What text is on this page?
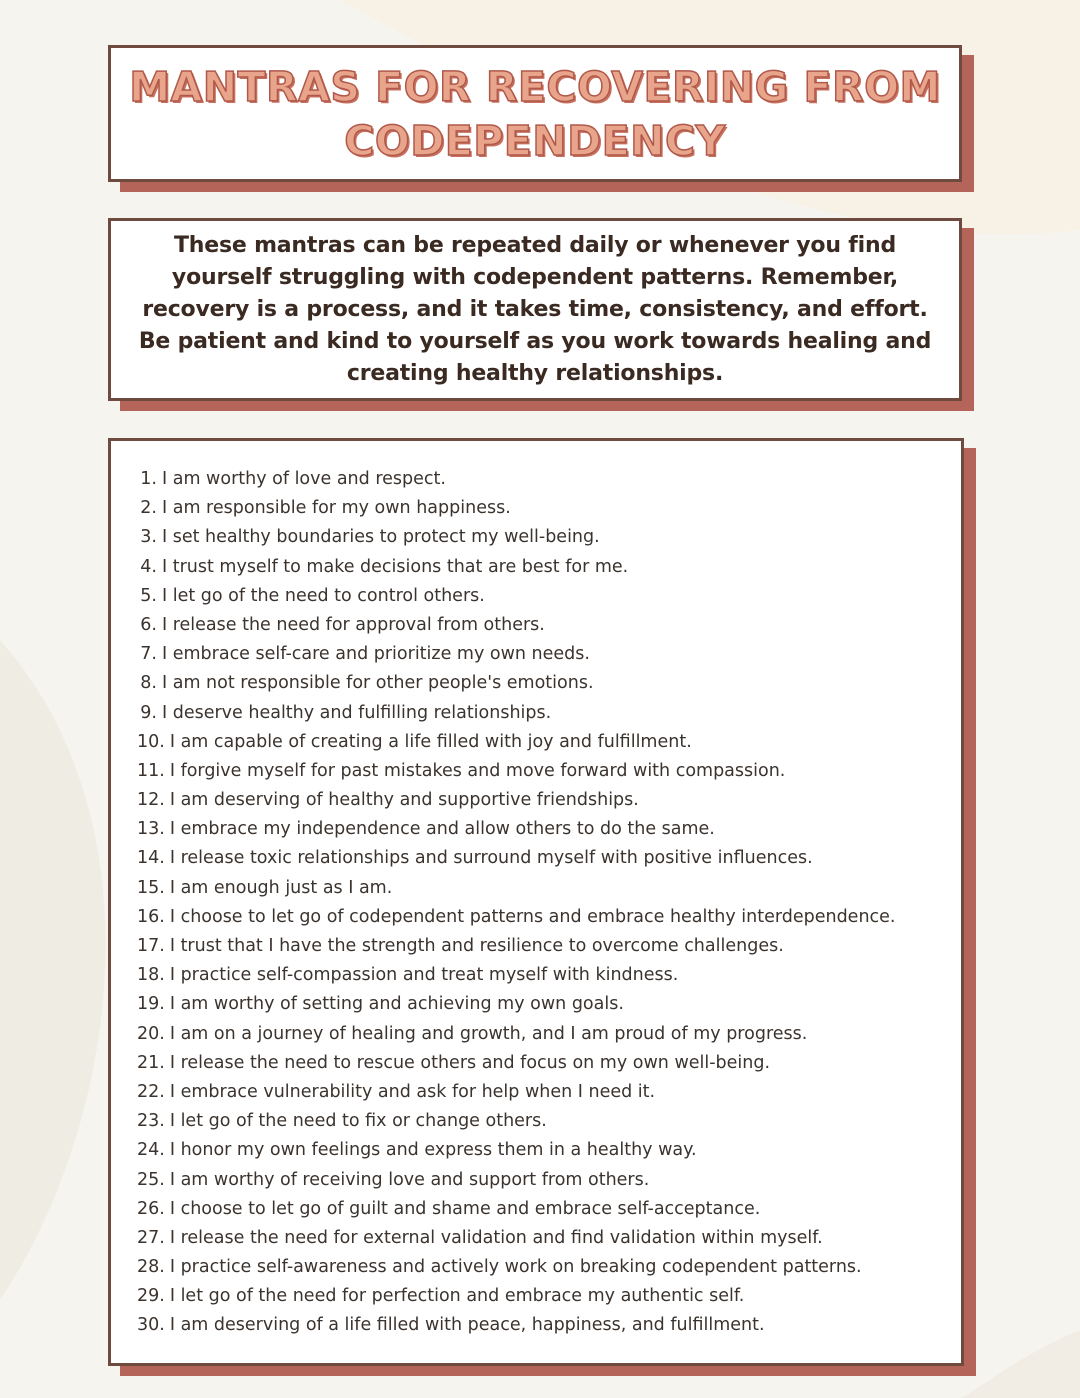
MANTRAS FOR RECOVERING FROM CODEPENDENCY

These mantras can be repeated daily or whenever you find yourself struggling with codependent patterns. Remember, recovery is a process, and it takes time, consistency, and effort. Be patient and kind to yourself as you work towards healing and creating healthy relationships.

1. I am worthy of love and respect.
2. I am responsible for my own happiness.
3. I set healthy boundaries to protect my well-being.
4. I trust myself to make decisions that are best for me.
5. I let go of the need to control others.
6. I release the need for approval from others.
7. I embrace self-care and prioritize my own needs.
8. I am not responsible for other people's emotions.
9. I deserve healthy and fulfilling relationships.
10. I am capable of creating a life filled with joy and fulfillment.
11. I forgive myself for past mistakes and move forward with compassion.
12. I am deserving of healthy and supportive friendships.
13. I embrace my independence and allow others to do the same.
14. I release toxic relationships and surround myself with positive influences.
15. I am enough just as I am.
16. I choose to let go of codependent patterns and embrace healthy interdependence.
17. I trust that I have the strength and resilience to overcome challenges.
18. I practice self-compassion and treat myself with kindness.
19. I am worthy of setting and achieving my own goals.
20. I am on a journey of healing and growth, and I am proud of my progress.
21. I release the need to rescue others and focus on my own well-being.
22. I embrace vulnerability and ask for help when I need it.
23. I let go of the need to fix or change others.
24. I honor my own feelings and express them in a healthy way.
25. I am worthy of receiving love and support from others.
26. I choose to let go of guilt and shame and embrace self-acceptance.
27. I release the need for external validation and find validation within myself.
28. I practice self-awareness and actively work on breaking codependent patterns.
29. I let go of the need for perfection and embrace my authentic self.
30. I am deserving of a life filled with peace, happiness, and fulfillment.
